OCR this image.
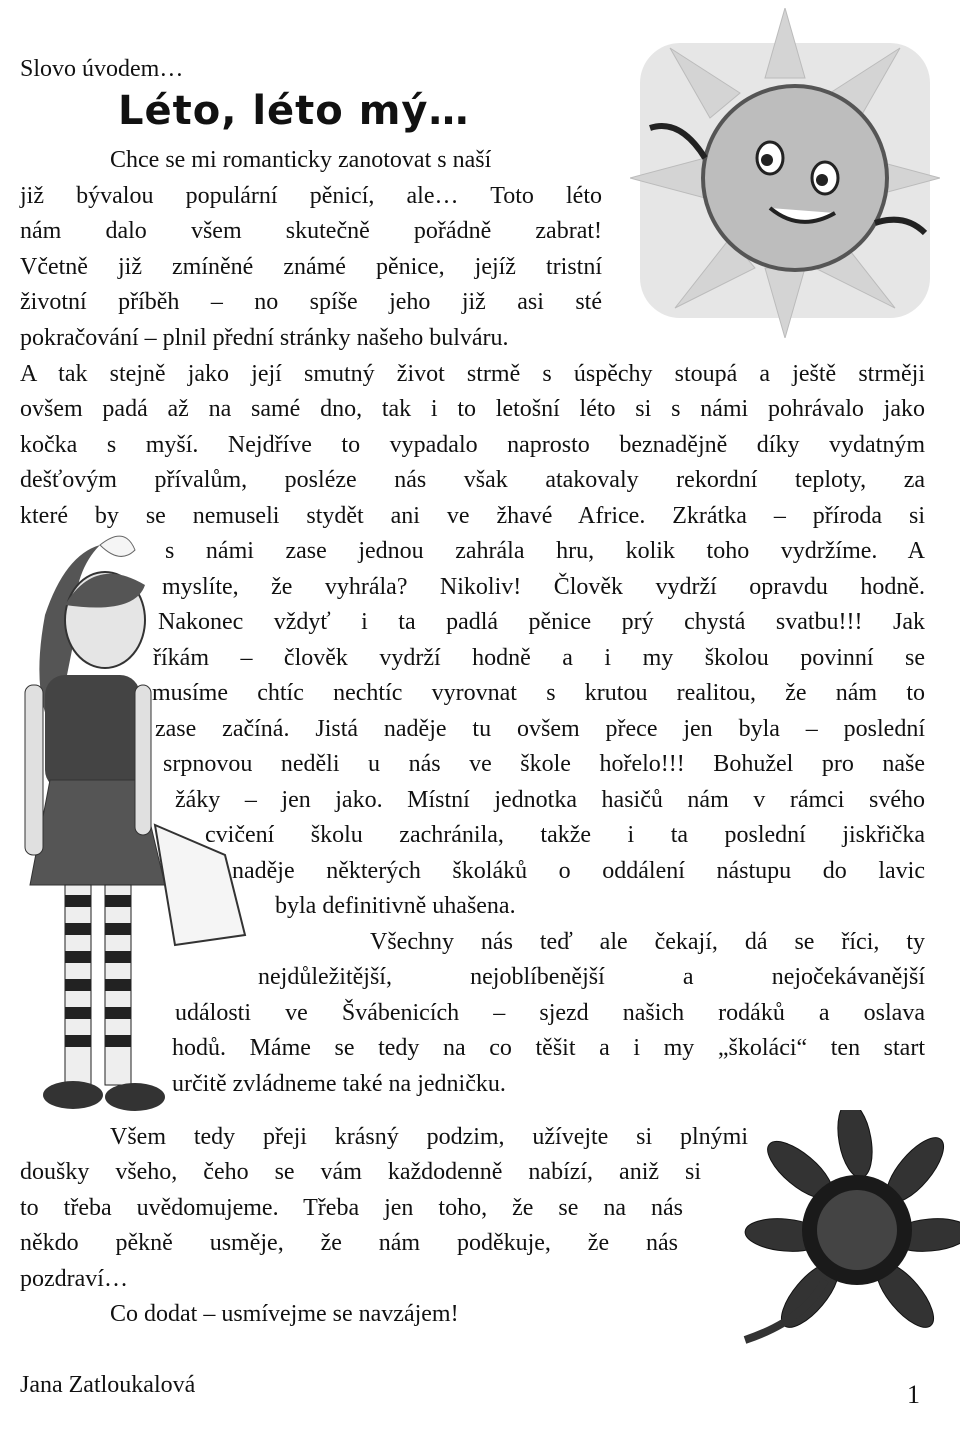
Slovo úvodem…
Léto, léto mý…
Chce se mi romanticky zanotovat s naší
již bývalou populární pěnicí, ale… Toto léto
nám dalo všem skutečně pořádně zabrat!
Včetně již zmíněné známé pěnice, jejíž tristní
životní příběh – no spíše jeho již asi sté
pokračování – plnil přední stránky našeho bulváru.
A tak stejně jako její smutný život strmě s úspěchy stoupá a ještě strměji
ovšem padá až na samé dno, tak i to letošní léto si s námi pohrávalo jako
kočka s myší. Nejdříve to vypadalo naprosto beznadějně díky vydatným
dešťovým přívalům, posléze nás však atakovaly rekordní teploty, za
které by se nemuseli stydět ani ve žhavé Africe. Zkrátka – příroda si
s námi zase jednou zahrála hru, kolik toho vydržíme. A
myslíte, že vyhrála? Nikoliv! Člověk vydrží opravdu hodně.
Nakonec vždyť i ta padlá pěnice prý chystá svatbu!!! Jak
říkám – člověk vydrží hodně a i my školou povinní se
musíme chtíc nechtíc vyrovnat s krutou realitou, že nám to
zase začíná. Jistá naděje tu ovšem přece jen byla – poslední
srpnovou neděli u nás ve škole hořelo!!! Bohužel pro naše
žáky – jen jako. Místní jednotka hasičů nám v rámci svého
cvičení školu zachránila, takže i ta poslední jiskřička
naděje některých školáků o oddálení nástupu do lavic
byla definitivně uhašena.
Všechny nás teď ale čekají, dá se říci, ty
nejdůležitější, nejoblíbenější a nejočekávanější
události ve Švábenicích – sjezd našich rodáků a oslava
hodů. Máme se tedy na co těšit a i my „školáci“ ten start
určitě zvládneme také na jedničku.
Všem tedy přeji krásný podzim, užívejte si plnými
doušky všeho, čeho se vám každodenně nabízí, aniž si
to třeba uvědomujeme. Třeba jen toho, že se na nás
někdo pěkně usměje, že nám poděkuje, že nás
pozdraví…
Co dodat – usmívejme se navzájem!
Jana Zatloukalová	1
